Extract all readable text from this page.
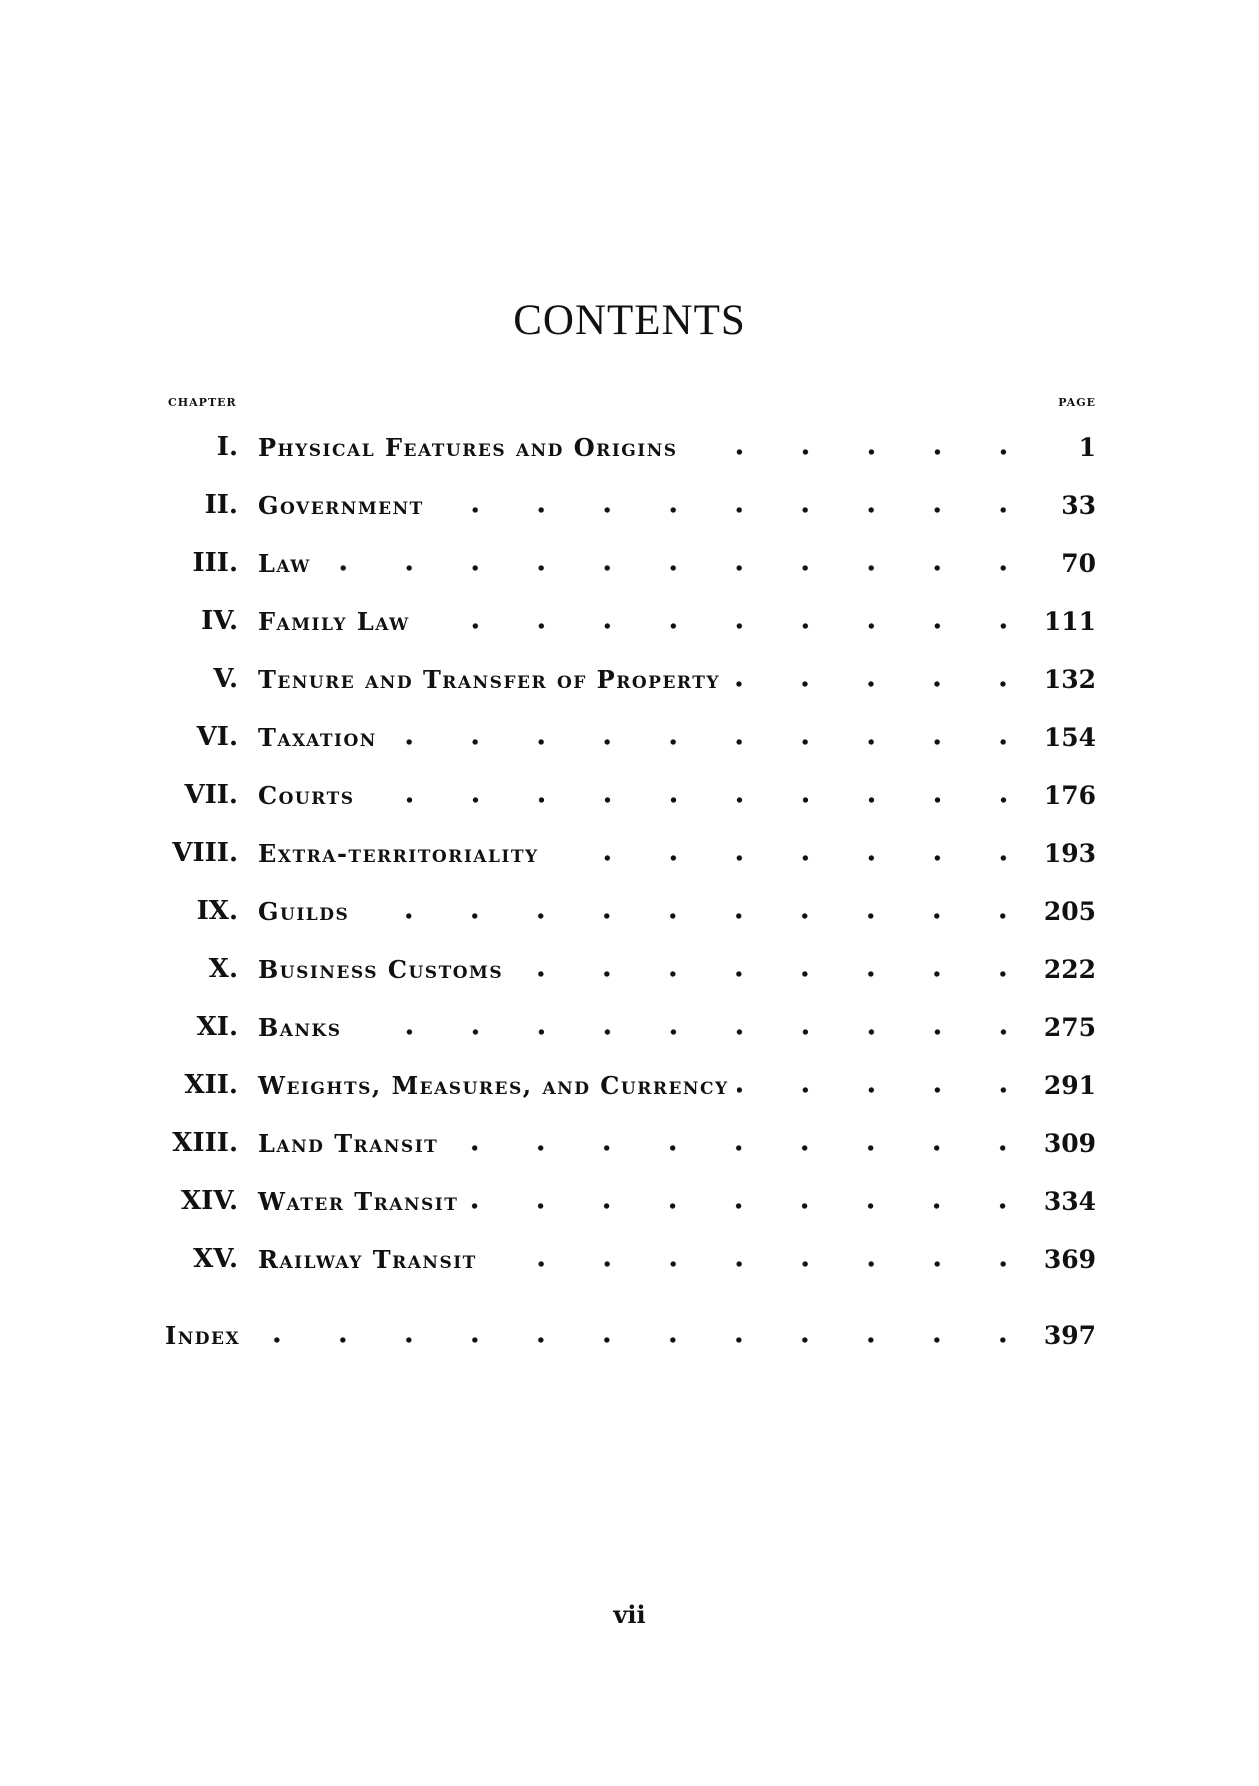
CONTENTS
CHAPTER	PAGE
I. Physical Features and Origins	1
II. Government	33
III. Law	70
IV. Family Law	111
V. Tenure and Transfer of Property	132
VI. Taxation	154
VII. Courts	176
VIII. Extra-territoriality	193
IX. Guilds	205
X. Business Customs	222
XI. Banks	275
XII. Weights, Measures, and Currency	291
XIII. Land Transit	309
XIV. Water Transit	334
XV. Railway Transit	369
Index	397
vii
